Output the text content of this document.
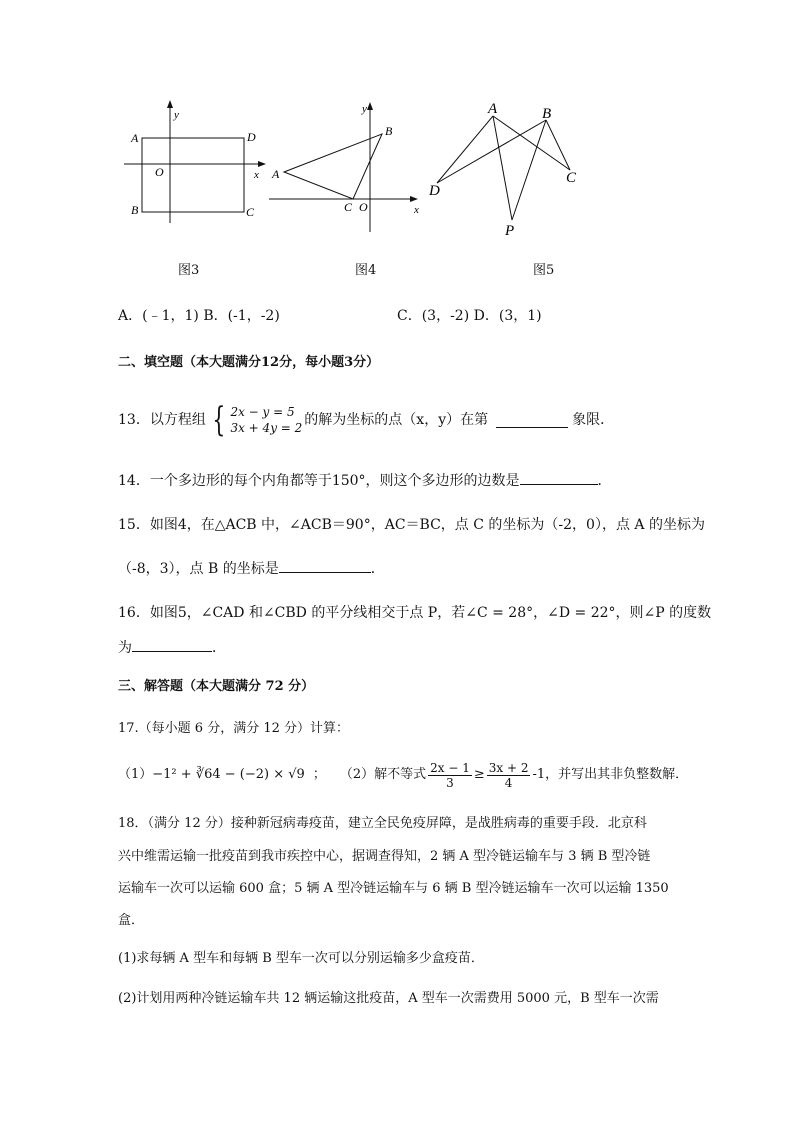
A	D
B	C
O	x
y
图3
A
B
C O	x
y
图4
A	B
C
D
P
图5
A．(﹣1，1) B．(-1，-2)	C．(3，-2) D．(3，1)
二、填空题（本大题满分12分，每小题3分）
13．以方程组 { 2x − y = 5
3x + 4y = 2 的解为坐标的点（x，y）在第	象限．
14．一个多边形的每个内角都等于150°，则这个多边形的边数是	．
15．如图4，在△ACB 中，∠ACB＝90°，AC＝BC，点 C 的坐标为（-2，0），点 A 的坐标为
（-8，3），点 B 的坐标是	．
16．如图5，∠CAD 和∠CBD 的平分线相交于点 P，若∠C = 28°，∠D = 22°，则∠P 的度数
为	．
三、解答题（本大题满分 72 分）
17.（每小题 6 分，满分 12 分）计算：
（1）−1² + ∛64 − (−2) × √9 ； （2）解不等式 $\frac{2x - 1}{3} \ge \frac{3x + 2}{4} -1$，并写出其非负整数解．
18．（满分 12 分）接种新冠病毒疫苗，建立全民免疫屏障，是战胜病毒的重要手段．北京科
兴中维需运输一批疫苗到我市疾控中心，据调查得知，2 辆 A 型冷链运输车与 3 辆 B 型冷链
运输车一次可以运输 600 盒；5 辆 A 型冷链运输车与 6 辆 B 型冷链运输车一次可以运输 1350
盒．
(1)求每辆 A 型车和每辆 B 型车一次可以分别运输多少盒疫苗．
(2)计划用两种冷链运输车共 12 辆运输这批疫苗，A 型车一次需费用 5000 元，B 型车一次需
